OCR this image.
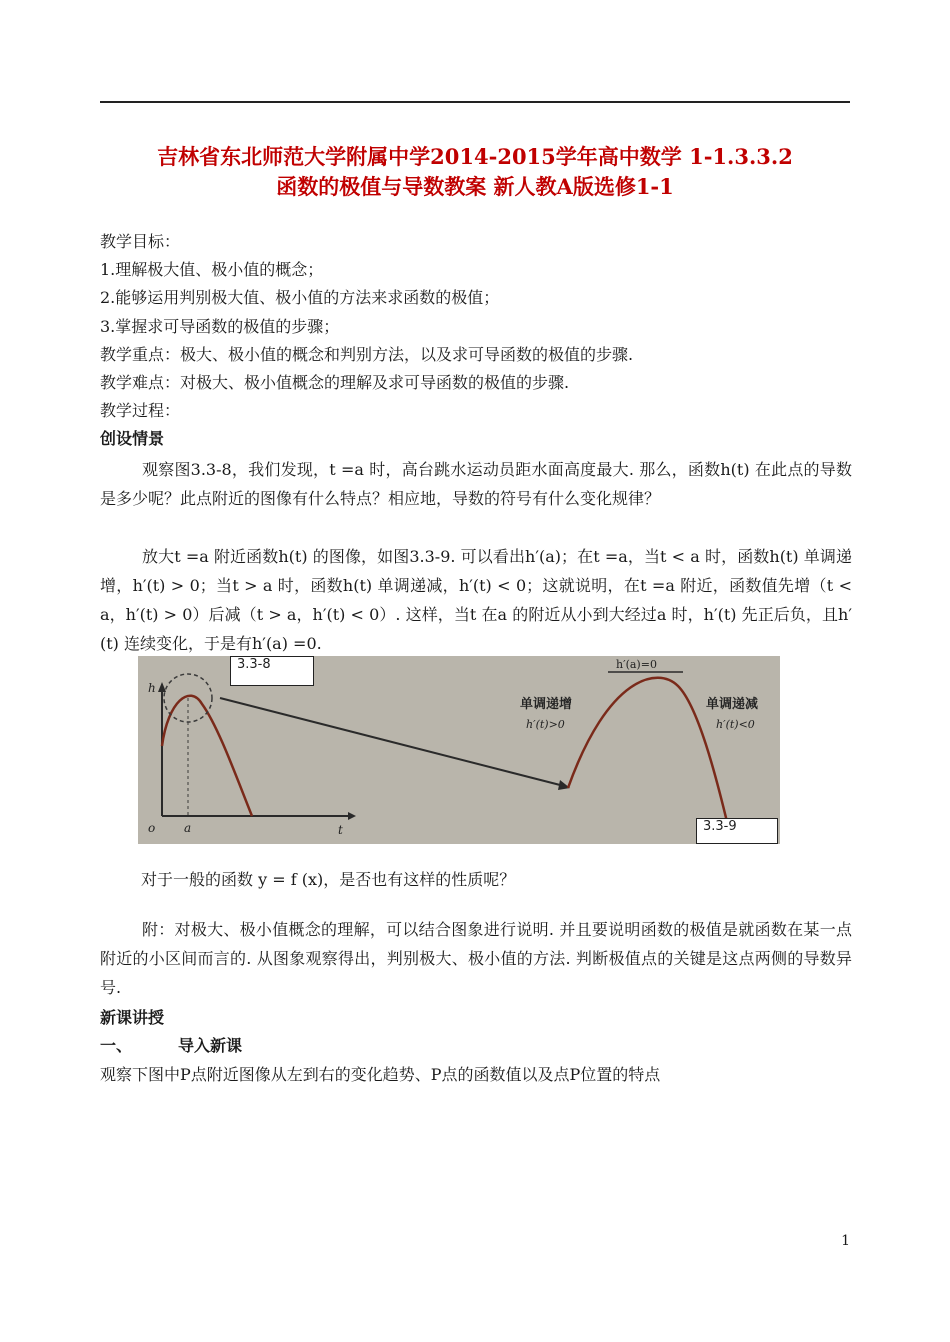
吉林省东北师范大学附属中学2014-2015学年高中数学 1-1.3.3.2
函数的极值与导数教案 新人教A版选修1-1
教学目标：
1.理解极大值、极小值的概念；
2.能够运用判别极大值、极小值的方法来求函数的极值；
3.掌握求可导函数的极值的步骤；
教学重点：极大、极小值的概念和判别方法，以及求可导函数的极值的步骤.
教学难点：对极大、极小值概念的理解及求可导函数的极值的步骤.
教学过程：
创设情景
观察图3.3-8，我们发现，t =a 时，高台跳水运动员距水面高度最大. 那么，函数h(t) 在此点的导数是多少呢？此点附近的图像有什么特点？相应地，导数的符号有什么变化规律？
放大t =a 附近函数h(t) 的图像，如图3.3-9. 可以看出h′(a)；在t =a，当t < a 时，函数h(t) 单调递增，h′(t) > 0；当t > a 时，函数h(t) 单调递减，h′(t) < 0；这就说明，在t =a 附近，函数值先增（t < a，h′(t) > 0）后减（t > a，h′(t) < 0）. 这样，当t 在a 的附近从小到大经过a 时，h′(t) 先正后负，且h′(t) 连续变化，于是有h′(a) =0.
h
o a	t
h′(a)=0
单调递增
h′(t)>0
单调递减
h′(t)<0
3.3-8
3.3-9
对于一般的函数 y = f (x)，是否也有这样的性质呢？
附：对极大、极小值概念的理解，可以结合图象进行说明. 并且要说明函数的极值是就函数在某一点附近的小区间而言的. 从图象观察得出，判别极大、极小值的方法. 判断极值点的关键是这点两侧的导数异号.
新课讲授
一、	导入新课
观察下图中P点附近图像从左到右的变化趋势、P点的函数值以及点P位置的特点
1
